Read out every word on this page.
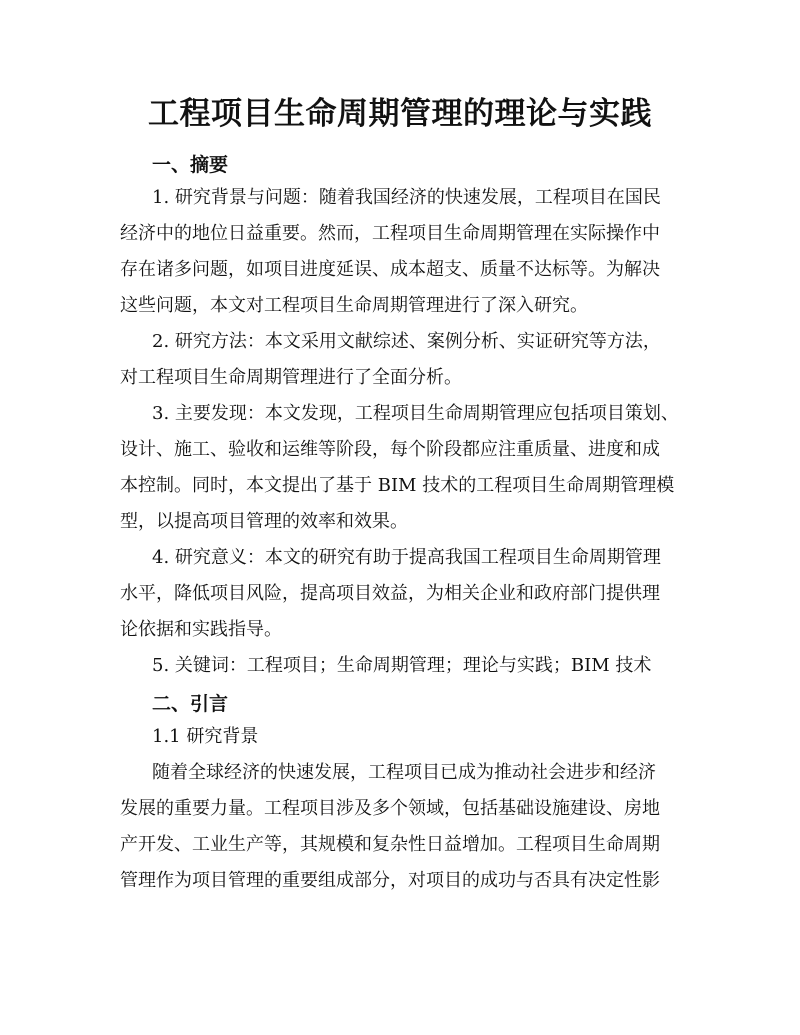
工程项目生命周期管理的理论与实践
一、摘要

1. 研究背景与问题：随着我国经济的快速发展，工程项目在国民

经济中的地位日益重要。然而，工程项目生命周期管理在实际操作中

存在诸多问题，如项目进度延误、成本超支、质量不达标等。为解决

这些问题，本文对工程项目生命周期管理进行了深入研究。

2. 研究方法：本文采用文献综述、案例分析、实证研究等方法，

对工程项目生命周期管理进行了全面分析。

3. 主要发现：本文发现，工程项目生命周期管理应包括项目策划、

设计、施工、验收和运维等阶段，每个阶段都应注重质量、进度和成

本控制。同时，本文提出了基于 BIM 技术的工程项目生命周期管理模

型，以提高项目管理的效率和效果。

4. 研究意义：本文的研究有助于提高我国工程项目生命周期管理

水平，降低项目风险，提高项目效益，为相关企业和政府部门提供理

论依据和实践指导。

5. 关键词：工程项目；生命周期管理；理论与实践；BIM 技术

二、引言

1.1 研究背景

随着全球经济的快速发展，工程项目已成为推动社会进步和经济

发展的重要力量。工程项目涉及多个领域，包括基础设施建设、房地

产开发、工业生产等，其规模和复杂性日益增加。工程项目生命周期

管理作为项目管理的重要组成部分，对项目的成功与否具有决定性影
